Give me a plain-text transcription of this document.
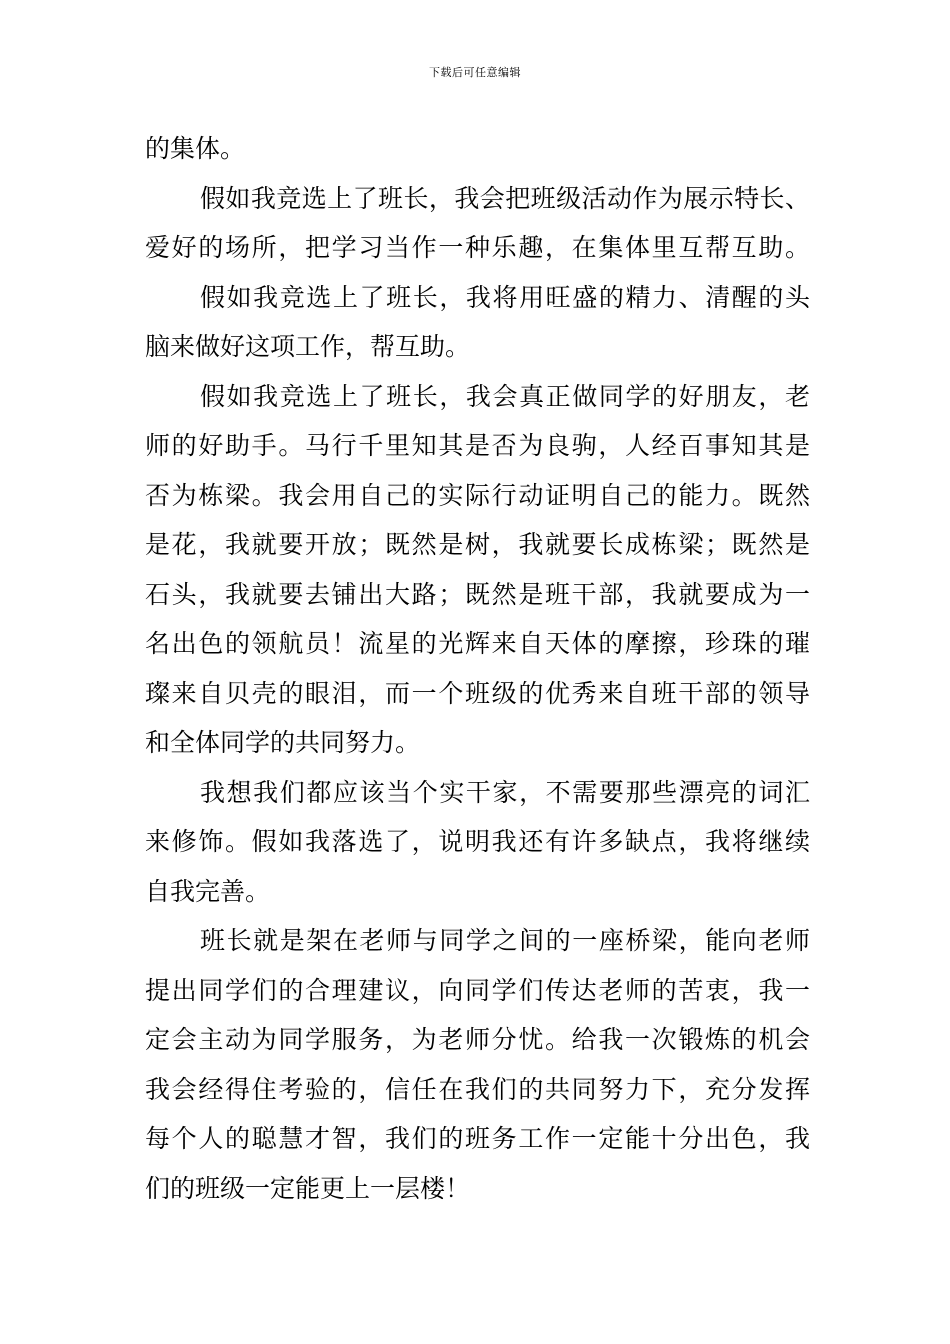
下载后可任意编辑
的集体。
假如我竞选上了班长，我会把班级活动作为展示特长、
爱好的场所，把学习当作一种乐趣，在集体里互帮互助。
假如我竞选上了班长，我将用旺盛的精力、清醒的头
脑来做好这项工作，帮互助。
假如我竞选上了班长，我会真正做同学的好朋友，老
师的好助手。马行千里知其是否为良驹，人经百事知其是
否为栋梁。我会用自己的实际行动证明自己的能力。既然
是花，我就要开放；既然是树，我就要长成栋梁；既然是
石头，我就要去铺出大路；既然是班干部，我就要成为一
名出色的领航员！流星的光辉来自天体的摩擦，珍珠的璀
璨来自贝壳的眼泪，而一个班级的优秀来自班干部的领导
和全体同学的共同努力。
我想我们都应该当个实干家，不需要那些漂亮的词汇
来修饰。假如我落选了，说明我还有许多缺点，我将继续
自我完善。
班长就是架在老师与同学之间的一座桥梁，能向老师
提出同学们的合理建议，向同学们传达老师的苦衷，我一
定会主动为同学服务，为老师分忧。给我一次锻炼的机会
我会经得住考验的，信任在我们的共同努力下，充分发挥
每个人的聪慧才智，我们的班务工作一定能十分出色，我
们的班级一定能更上一层楼！
